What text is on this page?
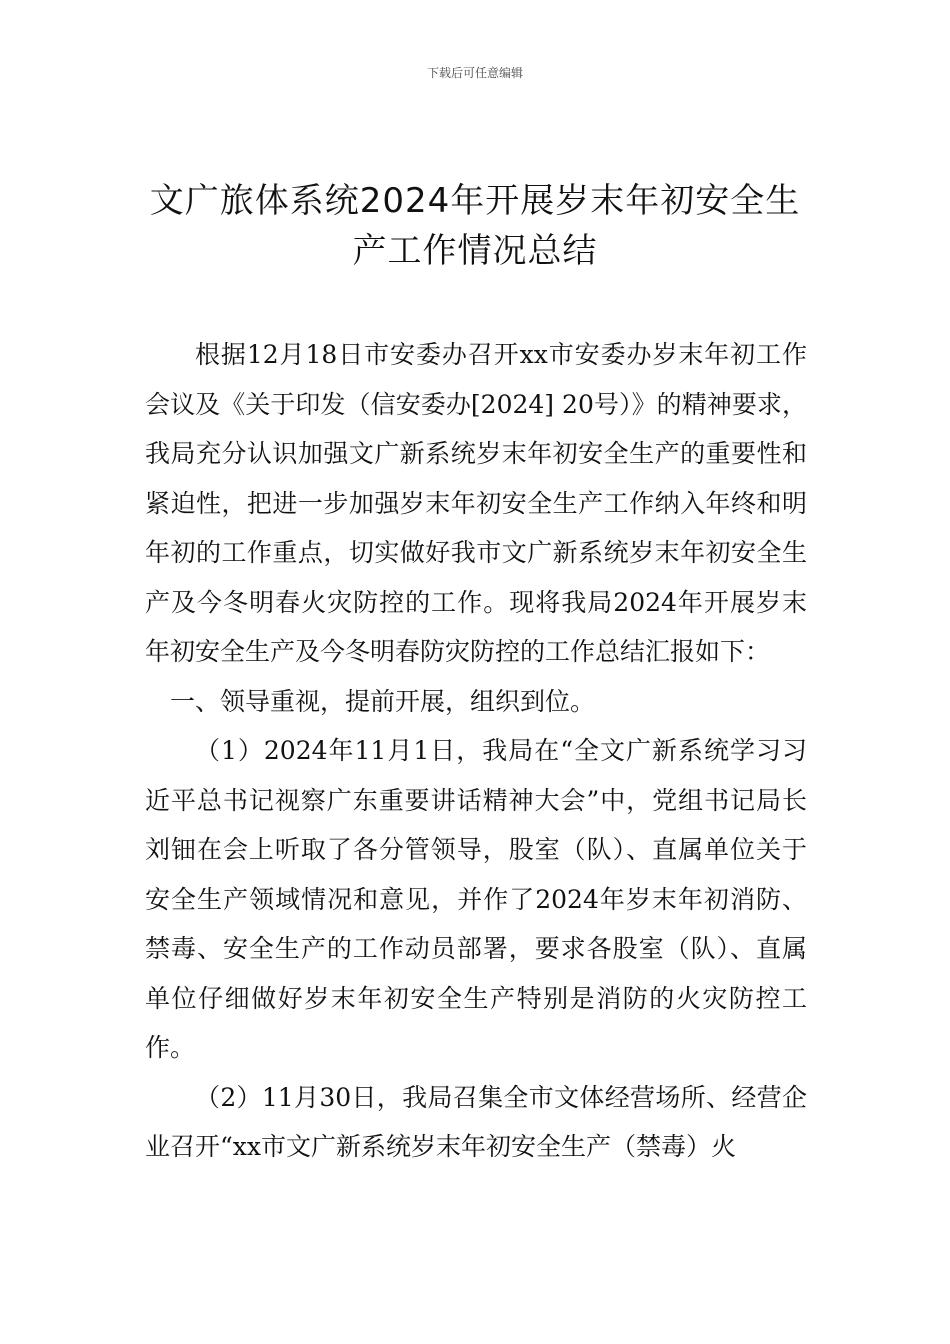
下载后可任意编辑
文广旅体系统2024年开展岁末年初安全生
产工作情况总结

根据12月18日市安委办召开xx市安委办岁末年初工作会议及《关于印发（信安委办[2024] 20号）》的精神要求，我局充分认识加强文广新系统岁末年初安全生产的重要性和紧迫性，把进一步加强岁末年初安全生产工作纳入年终和明年初的工作重点，切实做好我市文广新系统岁末年初安全生产及今冬明春火灾防控的工作。现将我局2024年开展岁末年初安全生产及今冬明春防灾防控的工作总结汇报如下：

一、领导重视，提前开展，组织到位。

（1）2024年11月1日，我局在“全文广新系统学习习近平总书记视察广东重要讲话精神大会”中，党组书记局长刘钿在会上听取了各分管领导，股室（队）、直属单位关于安全生产领域情况和意见，并作了2024年岁末年初消防、禁毒、安全生产的工作动员部署，要求各股室（队）、直属单位仔细做好岁末年初安全生产特别是消防的火灾防控工作。

（2）11月30日，我局召集全市文体经营场所、经营企业召开“xx市文广新系统岁末年初安全生产（禁毒）火
